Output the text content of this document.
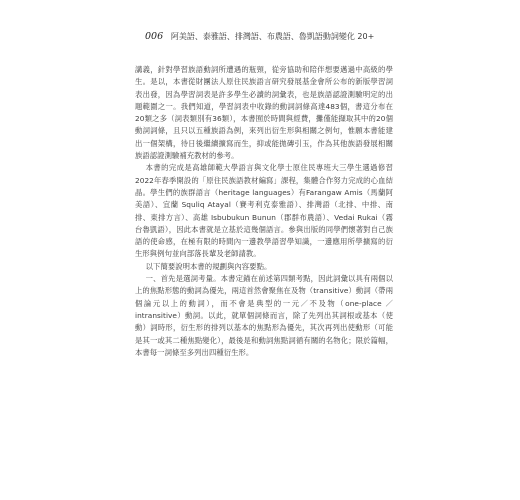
006 阿美語、泰雅語、排灣語、布農語、魯凱語動詞變化 20+

講義，針對學習族語動詞所遭遇的瓶頸，從旁協助和陪伴想要邁過中高級的學生。是以，本書從財團法人原住民族語言研究發展基金會所公布的新版學習詞表出發，因為學習詞表是許多學生必讀的詞彙表，也是族語認證測驗明定的出題範圍之一。我們知道，學習詞表中收錄的動詞詞條高達483個，書這分布在20類之多（詞表類別有36類），本書囿於時間與經費，攤僅能擷取其中的20個動詞詞條，且只以五種族語為例，來列出衍生形與相關之例句，惟願本書能建出一個架構，待日後繼續擴寫而生，抑或能拋磚引玉，作為其他族語發展相關族語認證測驗補充教材的參考。

本書的完成是高雄師範大學語言與文化學士原住民專班大三學生選過修習2022年春季開設的「原住民族語教材編寫」課程，集體合作努力完成的心血結晶。學生們的族群語言（heritage languages）有Farangaw Amis（馬蘭阿美語）、宜蘭 Squliq Atayal（賽考利克泰雅語）、排灣語（北排、中排、南排、東排方言）、高雄 Isbubukun Bunun（郡群布農語）、Vedai Rukai（霧台魯凱語），因此本書就是立基於這幾個語言。參與出版的同學們懷著對自己族語的使命感，在極有限的時間內一邊教學語習學知識，一邊應用所學擴寫的衍生形與例句並向部落長輩及老師請教。

以下簡要說明本書的規劃與內容要點。

一、首先是選詞考量。本書定錨在前述第四類考點，因此詞彙以具有兩個以上的焦點形態的動詞為優先，兩這首然會聚焦在及物（transitive）動詞（帶兩個論元以上的動詞），而不會是典型的一元／不及物（one-place ／ intransitive）動詞。以此，就單個詞條而言，除了先列出其詞根或基本（使動）詞時形，衍生形的排列以基本的焦點形為優先，其次再列出使動形（可能是其一或其二種焦點變化），最後是和動詞焦點詞循有關的名物化；限於篇幅，本書每一詞條至多列出四種衍生形。
